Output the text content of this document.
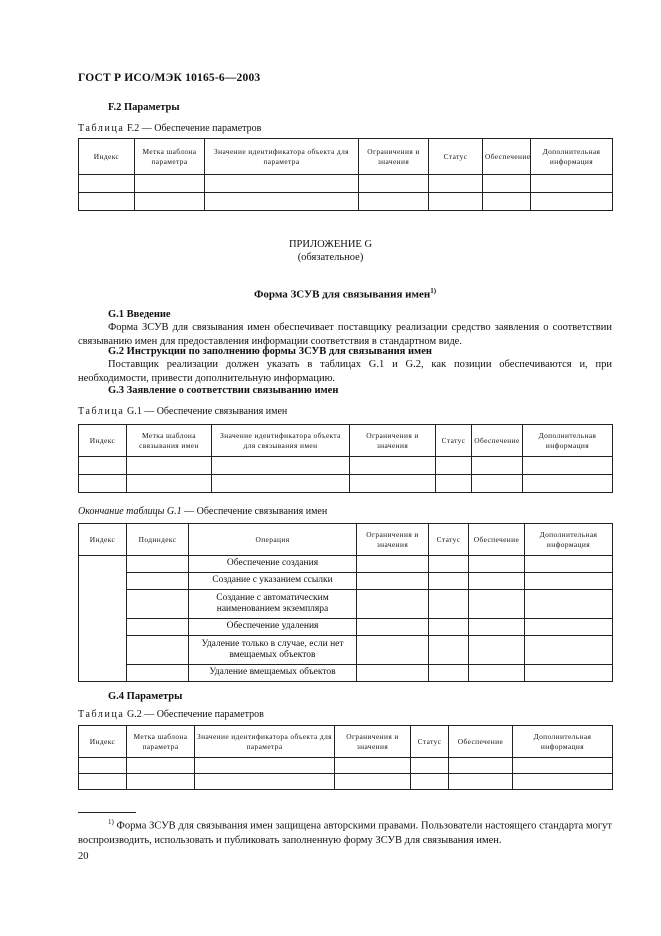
ГОСТ Р ИСО/МЭК 10165-6—2003
F.2 Параметры
Таблица F.2 — Обеспечение параметров
Индекс	Метка шаблона параметра	Значение идентификатора объекта для параметра	Ограничения и значения	Статус	Обеспечение	Дополнительная информация

ПРИЛОЖЕНИЕ G
(обязательное)
Форма ЗСУВ для связывания имен$^{1)}$
G.1 Введение
Форма ЗСУВ для связывания имен обеспечивает поставщику реализации средство заявления о соответствии связыванию имен для предоставления информации соответствия в стандартном виде.
G.2 Инструкции по заполнению формы ЗСУВ для связывания имен
Поставщик реализации должен указать в таблицах G.1 и G.2, как позиции обеспечиваются и, при необходимости, привести дополнительную информацию.
G.3 Заявление о соответствии связыванию имен
Таблица G.1 — Обеспечение связывания имен
Индекс	Метка шаблона связывания имен	Значение идентификатора объекта для связывания имен	Ограничения и значения	Статус	Обеспечение	Дополнительная информация

Окончание таблицы G.1 — Обеспечение связывания имен
Индекс	Подиндекс	Операция	Ограничения и значения	Статус	Обеспечение	Дополнительная информация
		Обеспечение создания				
		Создание с указанием ссылки				
		Создание с автоматическим наименованием экземпляра				
		Обеспечение удаления				
		Удаление только в случае, если нет вмещаемых объектов				
		Удаление вмещаемых объектов				
G.4 Параметры
Таблица G.2 — Обеспечение параметров
Индекс	Метка шаблона параметра	Значение идентификатора объекта для параметра	Ограничения и значения	Статус	Обеспечение	Дополнительная информация

$^{1)}$ Форма ЗСУВ для связывания имен защищена авторскими правами. Пользователи настоящего стандарта могут воспроизводить, использовать и публиковать заполненную форму ЗСУВ для связывания имен.
20
